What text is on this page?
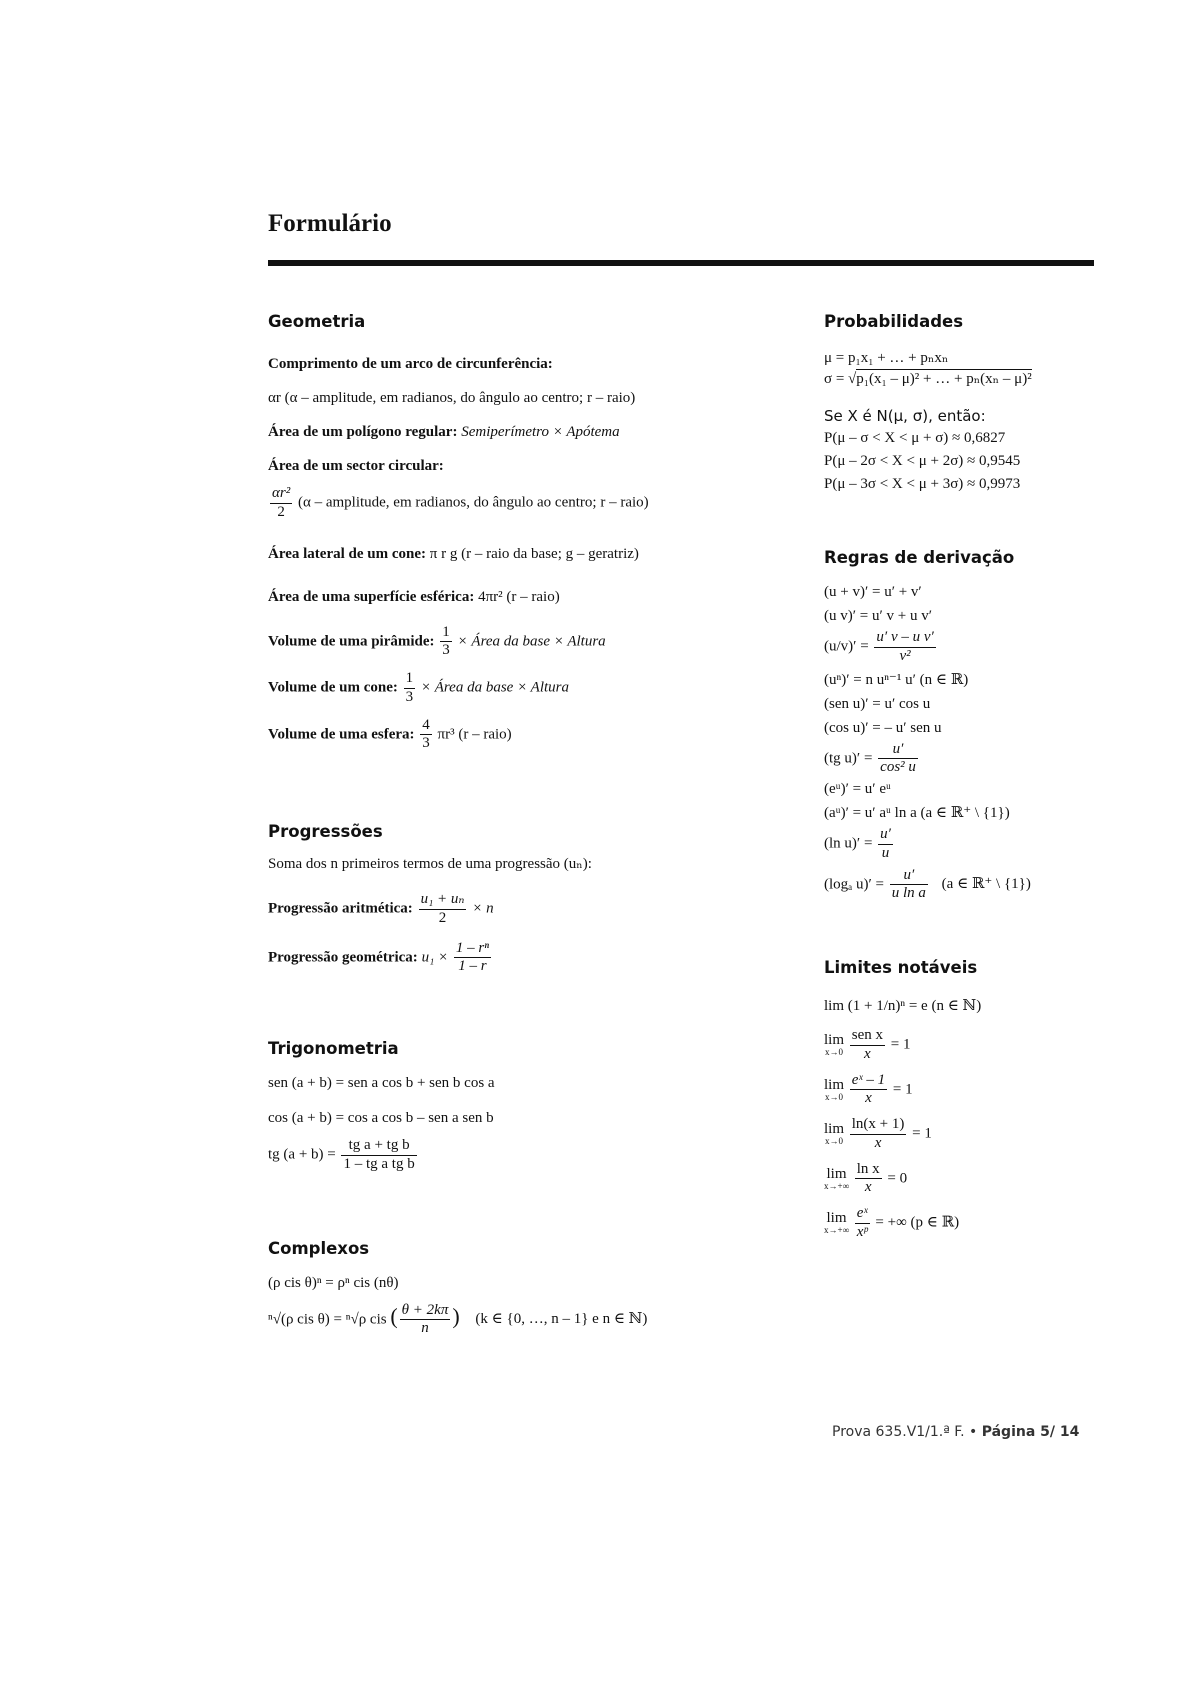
Formulário
Geometria
Comprimento de um arco de circunferência:
αr (α – amplitude, em radianos, do ângulo ao centro; r – raio)
Área de um polígono regular: Semiperímetro × Apótema
Área de um sector circular:
$\frac{\text{αr²}}{2} (\alpha$ – amplitude, em radianos, do ângulo ao centro; r – raio)
Área lateral de um cone: π r g (r – raio da base; g – geratriz)
Área de uma superfície esférica: 4πr² (r – raio)
Volume de uma pirâmide: $\frac{1}{3}$ × Área da base × Altura
Volume de um cone: $\frac{1}{3}$ × Área da base × Altura
Volume de uma esfera: $\frac{4}{3} \pi r^3$ (r – raio)
Progressões
Soma dos n primeiros termos de uma progressão (uₙ):
Progressão aritmética: $\frac{\text{u₁ + uₙ}}{2} \times n$
Progressão geométrica: $u_1 \times \frac{\text{1 – rⁿ}}{1 - r}$
Trigonometria
sen (a + b) = sen a cos b + sen b cos a
cos (a + b) = cos a cos b – sen a sen b
tg $(a + b) = \frac{\text{tg a + tg b}}{\text{1 – tg a tg b}}$
Complexos
(ρ cis θ)ⁿ = ρⁿ cis (nθ)
ⁿ√(ρ cis θ) = ⁿ√ρ cis ( $\frac{\theta + 2k\pi}{n}$ ) (k ∈ {0, …, n – 1} e n ∈ ℕ)
Probabilidades
μ = p₁x₁ + … + pₙxₙ
σ = √p₁(x₁ – μ)² + … + pₙ(xₙ – μ)²
Se X é N(μ, σ), então:
P(μ – σ < X < μ + σ) ≈ 0,6827
P(μ – 2σ < X < μ + 2σ) ≈ 0,9545
P(μ – 3σ < X < μ + 3σ) ≈ 0,9973
Regras de derivação
(u + v)′ = u′ + v′
(u v)′ = u′ v + u v′
$(u/v)' = \frac{\text{u′ v – u v′}}{\text{v²}}$
(uⁿ)′ = n uⁿ⁻¹ u′ (n ∈ ℝ)
(sen u)′ = u′ cos u
(cos u)′ = – u′ sen u
(tg $u)' = \frac{u'}{\text{cos² u}}$
(eᵘ)′ = u′ eᵘ
(aᵘ)′ = u′ aᵘ ln a (a ∈ ℝ⁺ \ {1})
(ln $u)' = \frac{u'}{u}$
(logₐ $u)' = \frac{u'}{\text{u ln a}} (a$ ∈ ℝ⁺ \ {1})
Limites notáveis
lim (1 + 1/n)ⁿ = e (n ∈ ℕ)
lim
x→0
$\frac{\text{sen x}}{x} = 1$
lim
x→0
$\frac{\text{eˣ – 1}}{x} = 1$
lim
x→0
$\frac{\ln(x + 1)}{x} = 1$
lim
x→+∞
$\frac{\text{ln x}}{x} = 0$
lim
x→+∞
$\frac{\text{eˣ}}{\text{xᵖ}}$ = +∞ (p ∈ ℝ)
Prova 635.V1/1.ª F. • Página 5/ 14
